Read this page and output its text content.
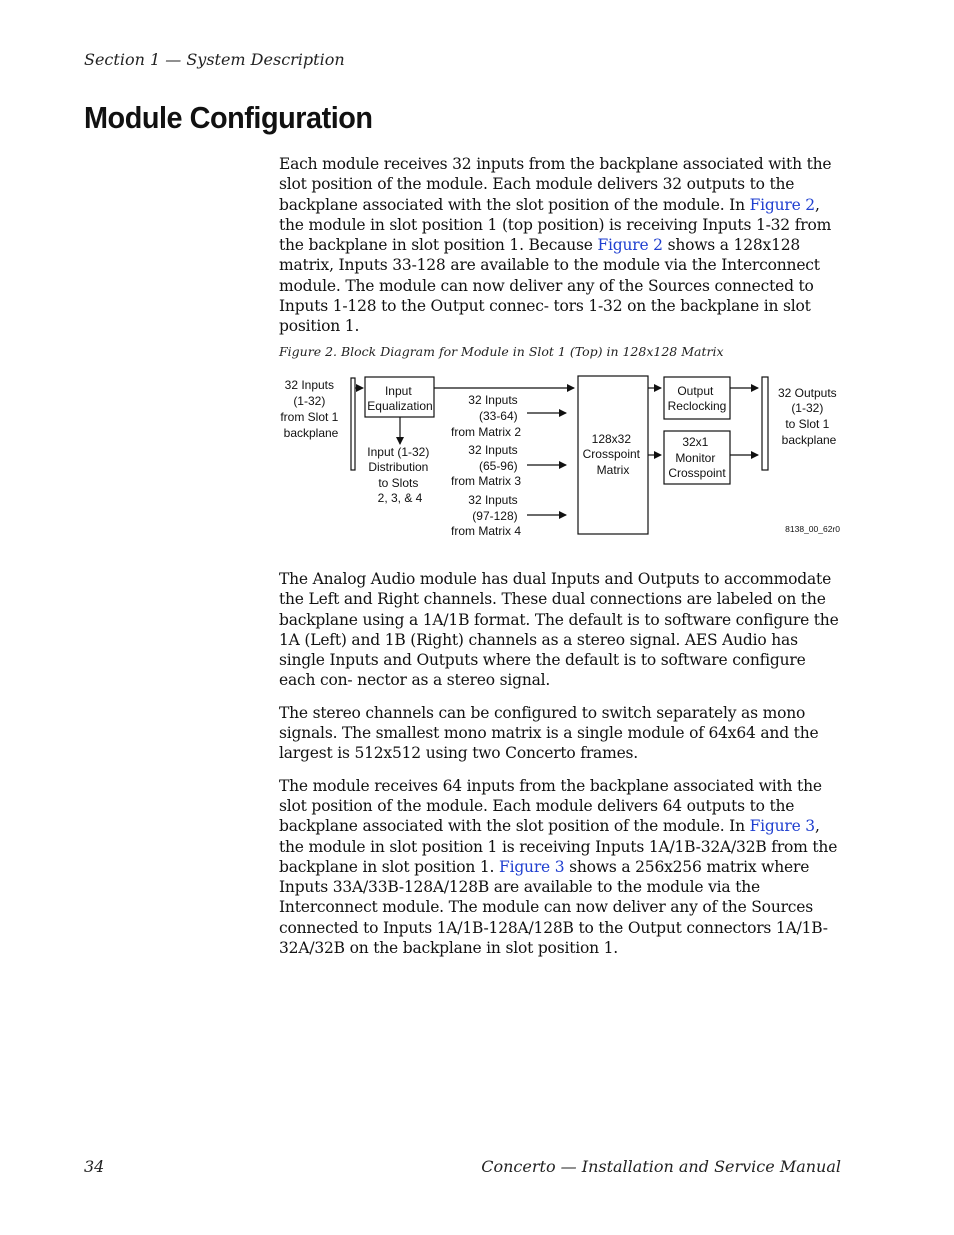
Section 1 — System Description
Module Configuration

Each module receives 32 inputs from the backplane associated with the slot position of the module. Each module delivers 32 outputs to the backplane associated with the slot position of the module. In Figure 2, the module in slot position 1 (top position) is receiving Inputs 1-32 from the backplane in slot position 1. Because Figure 2 shows a 128x128 matrix, Inputs 33-128 are available to the module via the Interconnect module. The module can now deliver any of the Sources connected to Inputs 1-128 to the Output connec- tors 1-32 on the backplane in slot position 1.

Figure 2. Block Diagram for Module in Slot 1 (Top) in 128x128 Matrix
32 Inputs (1-32) from Slot 1 backplane
Input Equalization
Input (1-32) Distribution to Slots 2, 3, & 4
32 Inputs (33-64) from Matrix 2
32 Inputs (65-96) from Matrix 3
32 Inputs (97-128) from Matrix 4
128x32 Crosspoint Matrix
Output Reclocking
32x1 Monitor Crosspoint
32 Outputs (1-32) to Slot 1 backplane
8138_00_62r0

The Analog Audio module has dual Inputs and Outputs to accommodate the Left and Right channels. These dual connections are labeled on the backplane using a 1A/1B format. The default is to software configure the 1A (Left) and 1B (Right) channels as a stereo signal. AES Audio has single Inputs and Outputs where the default is to software configure each con- nector as a stereo signal.

The stereo channels can be configured to switch separately as mono signals. The smallest mono matrix is a single module of 64x64 and the largest is 512x512 using two Concerto frames.

The module receives 64 inputs from the backplane associated with the slot position of the module. Each module delivers 64 outputs to the backplane associated with the slot position of the module. In Figure 3, the module in slot position 1 is receiving Inputs 1A/1B-32A/32B from the backplane in slot position 1. Figure 3 shows a 256x256 matrix where Inputs 33A/33B-128A/128B are available to the module via the Interconnect module. The module can now deliver any of the Sources connected to Inputs 1A/1B-128A/128B to the Output connectors 1A/1B-32A/32B on the backplane in slot position 1.

34	Concerto — Installation and Service Manual
